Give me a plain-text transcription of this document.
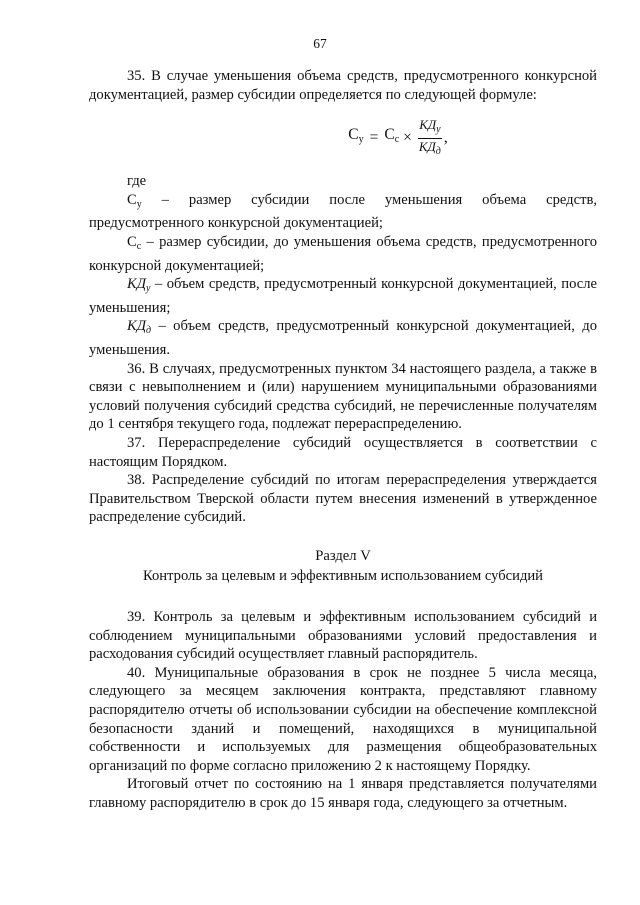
67

35. В случае уменьшения объема средств, предусмотренного конкурсной документацией, размер субсидии определяется по следующей формуле:

$С_у = С_с \times \frac{КД_у}{КД_д}$ ,

где

$С_у$ – размер субсидии после уменьшения объема средств, предусмотренного конкурсной документацией;

$С_с$ – размер субсидии, до уменьшения объема средств, предусмотренного конкурсной документацией;

$КД_у$ – объем средств, предусмотренный конкурсной документацией, после уменьшения;

$КД_д$ – объем средств, предусмотренный конкурсной документацией, до уменьшения.

36. В случаях, предусмотренных пунктом 34 настоящего раздела, а также в связи с невыполнением и (или) нарушением муниципальными образованиями условий получения субсидий средства субсидий, не перечисленные получателям до 1 сентября текущего года, подлежат перераспределению.

37. Перераспределение субсидий осуществляется в соответствии с настоящим Порядком.

38. Распределение субсидий по итогам перераспределения утверждается Правительством Тверской области путем внесения изменений в утвержденное распределение субсидий.

Раздел V
Контроль за целевым и эффективным использованием субсидий

39. Контроль за целевым и эффективным использованием субсидий и соблюдением муниципальными образованиями условий предоставления и расходования субсидий осуществляет главный распорядитель.

40. Муниципальные образования в срок не позднее 5 числа месяца, следующего за месяцем заключения контракта, представляют главному распорядителю отчеты об использовании субсидии на обеспечение комплексной безопасности зданий и помещений, находящихся в муниципальной собственности и используемых для размещения общеобразовательных организаций по форме согласно приложению 2 к настоящему Порядку.

Итоговый отчет по состоянию на 1 января представляется получателями главному распорядителю в срок до 15 января года, следующего за отчетным.
